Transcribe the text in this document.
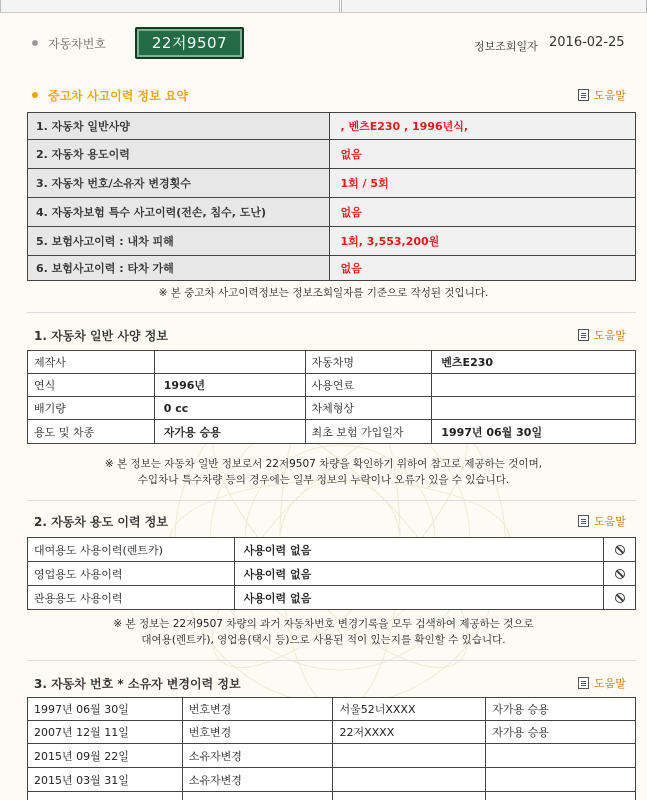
자동차번호	22저9507	정보조회일자 2016-02-25
중고차 사고이력 정보 요약	도움말
1. 자동차 일반사양	, 벤츠E230 , 1996년식,
2. 자동차 용도이력	없음
3. 자동차 번호/소유자 변경횟수	1회 / 5회
4. 자동차보험 특수 사고이력(전손, 침수, 도난)	없음
5. 보험사고이력 : 내차 피해	1회, 3,553,200원
6. 보험사고이력 : 타차 가해	없음
※ 본 중고차 사고이력정보는 정보조회일자를 기준으로 작성된 것입니다.
1. 자동차 일반 사양 정보	도움말
제작사		자동차명	벤츠E230
연식	1996년	사용연료	
배기량	0 cc	차체형상	
용도 및 차종	자가용 승용	최초 보험 가입일자	1997년 06월 30일
※ 본 정보는 자동차 일반 정보로서 22저9507 차량을 확인하기 위하여 참고로 제공하는 것이며,
수입차나 특수차량 등의 경우에는 일부 정보의 누락이나 오류가 있을 수 있습니다.
2. 자동차 용도 이력 정보	도움말
대여용도 사용이력(렌트카)	사용이력 없음	
영업용도 사용이력	사용이력 없음	
관용용도 사용이력	사용이력 없음	
※ 본 정보는 22저9507 차량의 과거 자동차번호 변경기록을 모두 검색하여 제공하는 것으로
대여용(렌트카), 영업용(택시 등)으로 사용된 적이 있는지를 확인할 수 있습니다.
3. 자동차 번호 * 소유자 변경이력 정보	도움말
1997년 06월 30일	번호변경	서울52너XXXX	자가용 승용
2007년 12월 11일	번호변경	22저XXXX	자가용 승용
2015년 09월 22일	소유자변경		
2015년 03월 31일	소유자변경		
